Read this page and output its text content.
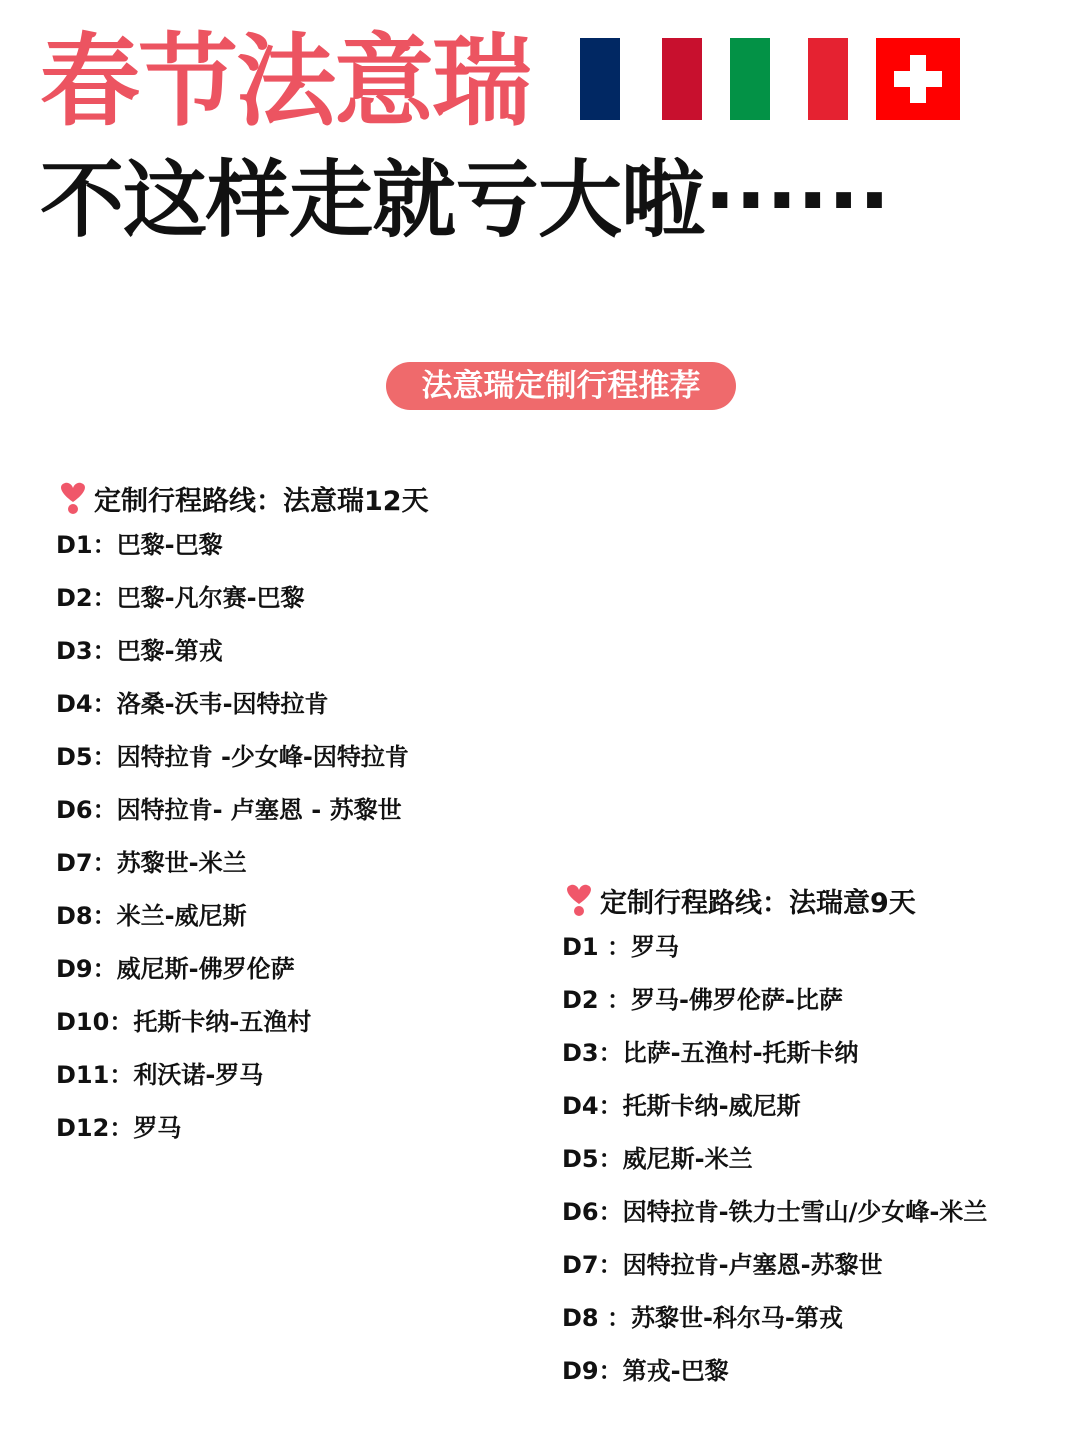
春节法意瑞
不这样走就亏大啦······
法意瑞定制行程推荐
定制行程路线：法意瑞12天
D1：巴黎-巴黎
D2：巴黎-凡尔赛-巴黎
D3：巴黎-第戎
D4：洛桑-沃韦-因特拉肯
D5：因特拉肯 -少女峰-因特拉肯
D6：因特拉肯- 卢塞恩 - 苏黎世
D7：苏黎世-米兰
D8：米兰-威尼斯
D9：威尼斯-佛罗伦萨
D10：托斯卡纳-五渔村
D11：利沃诺-罗马
D12：罗马
定制行程路线：法瑞意9天
D1 ：罗马
D2 ：罗马-佛罗伦萨-比萨
D3：比萨-五渔村-托斯卡纳
D4：托斯卡纳-威尼斯
D5：威尼斯-米兰
D6：因特拉肯-铁力士雪山/少女峰-米兰
D7：因特拉肯-卢塞恩-苏黎世
D8 ：苏黎世-科尔马-第戎
D9：第戎-巴黎
